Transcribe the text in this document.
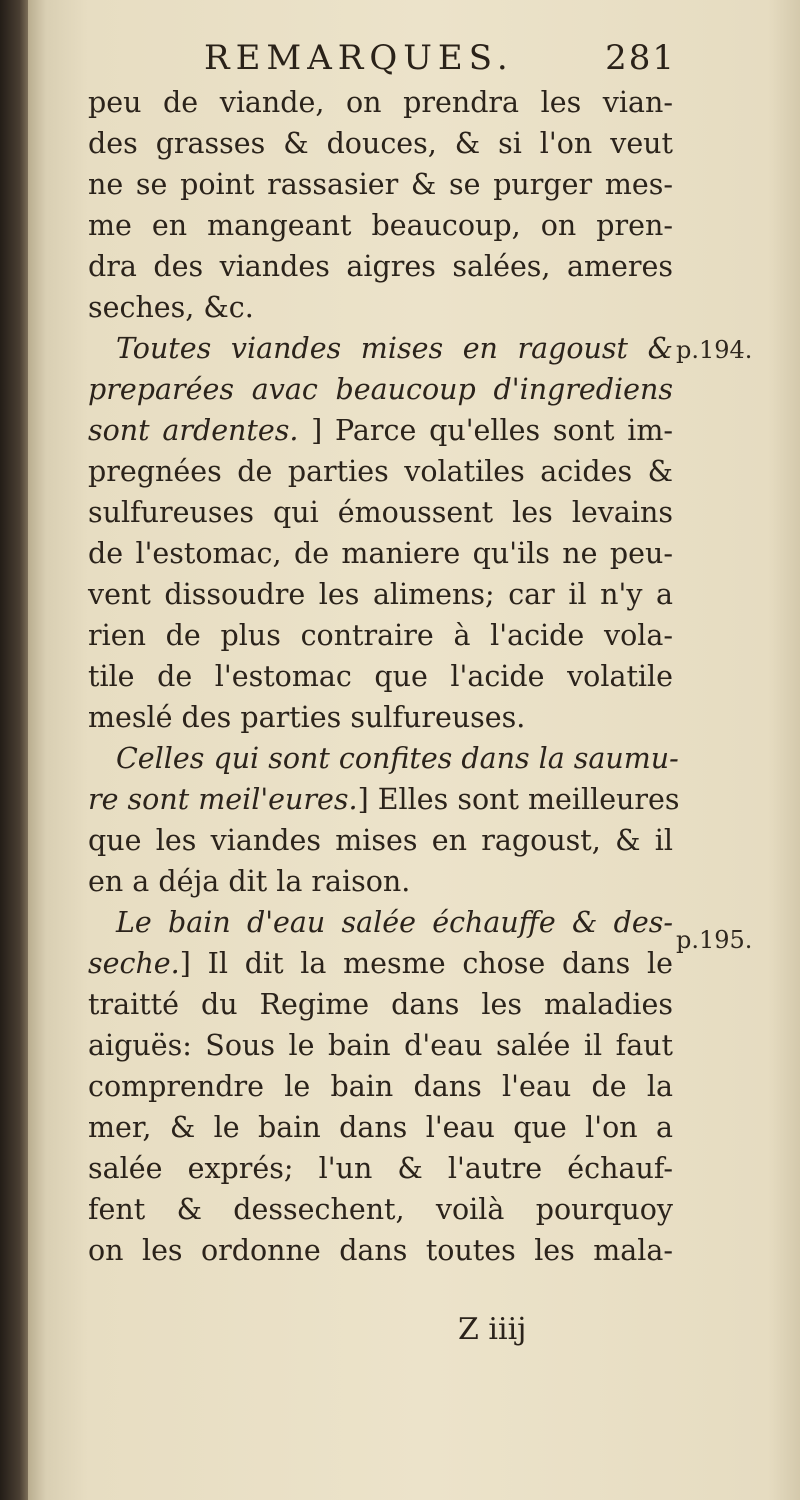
REMARQUES.	281
peu de viande, on prendra les vian-
des grasses & douces, & si l'on veut
ne se point rassasier & se purger mes-
me en mangeant beaucoup, on pren-
dra des viandes aigres salées, ameres
seches, &c.
Toutes viandes mises en ragoust &
preparées avac beaucoup d'ingrediens
sont ardentes. ] Parce qu'elles sont im-
pregnées de parties volatiles acides &
sulfureuses qui émoussent les levains
de l'estomac, de maniere qu'ils ne peu-
vent dissoudre les alimens; car il n'y a
rien de plus contraire à l'acide vola-
tile de l'estomac que l'acide volatile
meslé des parties sulfureuses.
Celles qui sont confites dans la saumu-
re sont meil'eures.] Elles sont meilleures
que les viandes mises en ragoust, & il
en a déja dit la raison.
Le bain d'eau salée échauffe & des-
seche.] Il dit la mesme chose dans le
traitté du Regime dans les maladies
aiguës: Sous le bain d'eau salée il faut
comprendre le bain dans l'eau de la
mer, & le bain dans l'eau que l'on a
salée exprés; l'un & l'autre échauf-
fent & dessechent, voilà pourquoy
on les ordonne dans toutes les mala-
p.194.
p.195.
Z iiij
